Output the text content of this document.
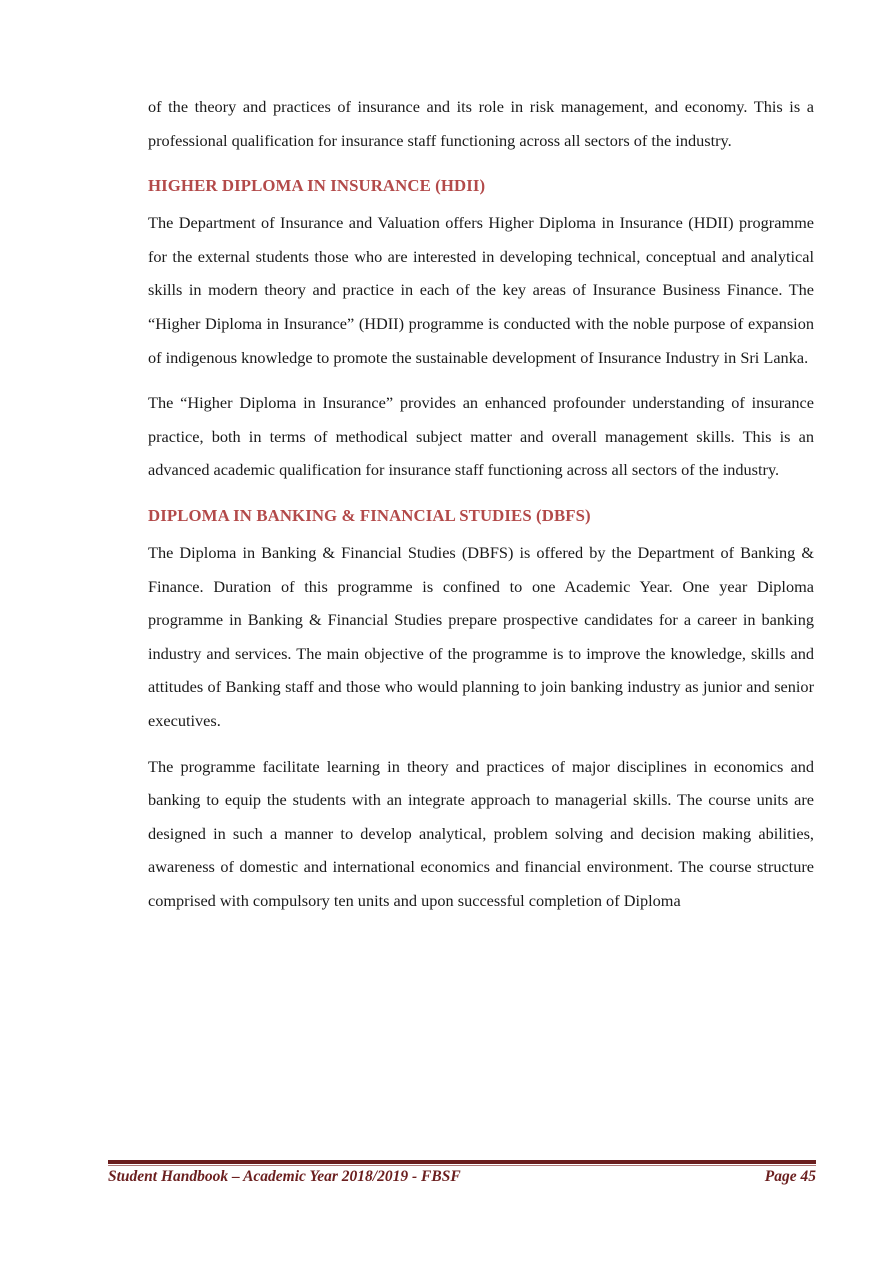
of the theory and practices of insurance and its role in risk management, and economy. This is a professional qualification for insurance staff functioning across all sectors of the industry.

HIGHER DIPLOMA IN INSURANCE (HDII)

The Department of Insurance and Valuation offers Higher Diploma in Insurance (HDII) programme for the external students those who are interested in developing technical, conceptual and analytical skills in modern theory and practice in each of the key areas of Insurance Business Finance. The “Higher Diploma in Insurance” (HDII) programme is conducted with the noble purpose of expansion of indigenous knowledge to promote the sustainable development of Insurance Industry in Sri Lanka.

The “Higher Diploma in Insurance” provides an enhanced profounder understanding of insurance practice, both in terms of methodical subject matter and overall management skills. This is an advanced academic qualification for insurance staff functioning across all sectors of the industry.

DIPLOMA IN BANKING & FINANCIAL STUDIES (DBFS)

The Diploma in Banking & Financial Studies (DBFS) is offered by the Department of Banking & Finance. Duration of this programme is confined to one Academic Year. One year Diploma programme in Banking & Financial Studies prepare prospective candidates for a career in banking industry and services. The main objective of the programme is to improve the knowledge, skills and attitudes of Banking staff and those who would planning to join banking industry as junior and senior executives.

The programme facilitate learning in theory and practices of major disciplines in economics and banking to equip the students with an integrate approach to managerial skills. The course units are designed in such a manner to develop analytical, problem solving and decision making abilities, awareness of domestic and international economics and financial environment. The course structure comprised with compulsory ten units and upon successful completion of Diploma

Student Handbook – Academic Year 2018/2019 - FBSF	Page 45
